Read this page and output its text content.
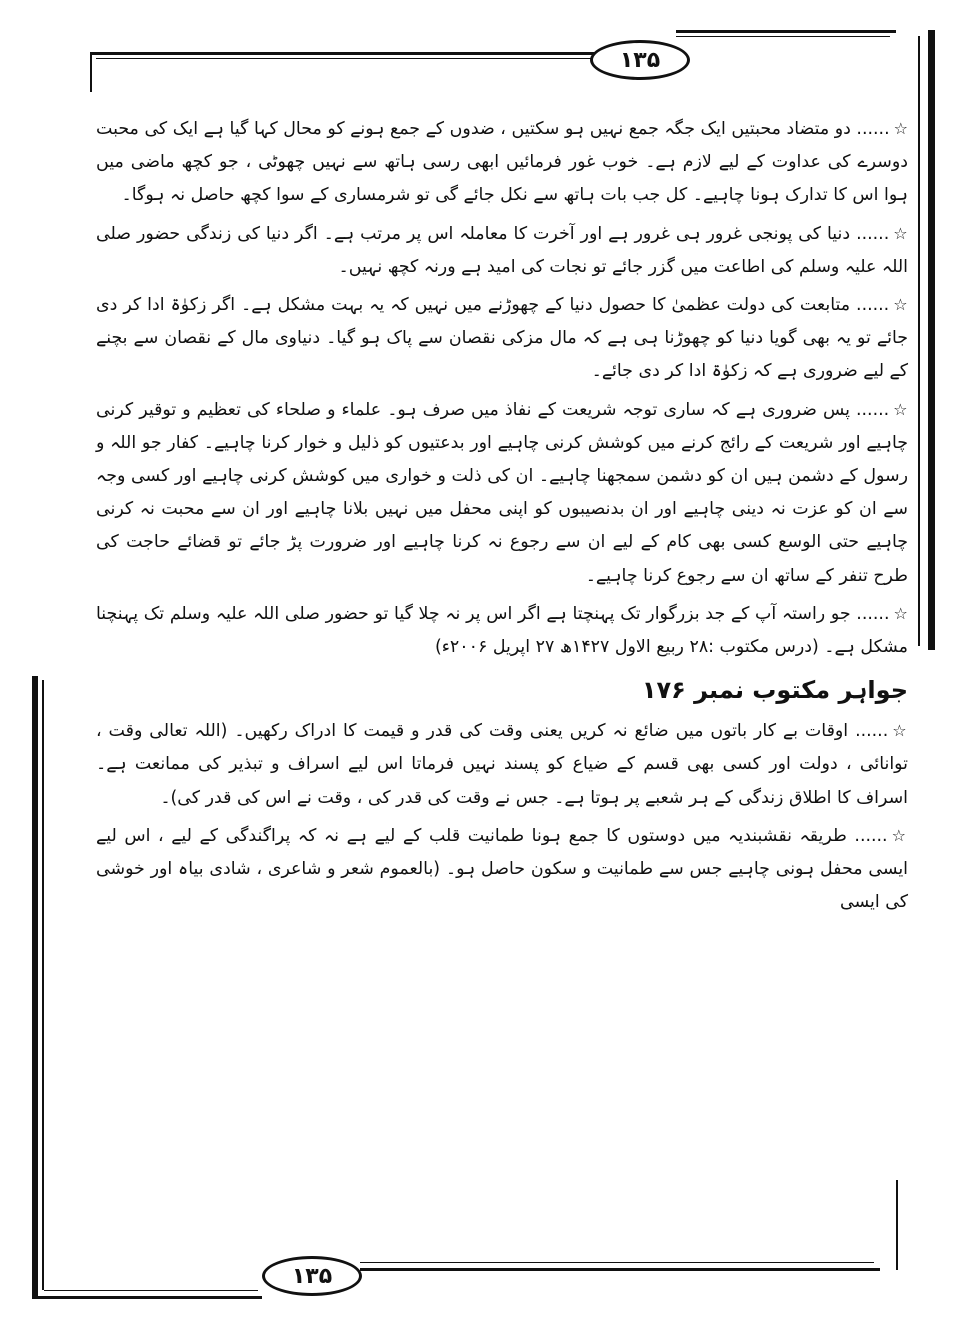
۱۳۵

☆...... دو متضاد محبتیں ایک جگہ جمع نہیں ہو سکتیں ، ضدوں کے جمع ہونے کو محال کہا گیا ہے ایک کی محبت دوسرے کی عداوت کے لیے لازم ہے۔ خوب غور فرمائیں ابھی رسی ہاتھ سے نہیں چھوٹی ، جو کچھ ماضی میں ہوا اس کا تدارک ہونا چاہیے۔ کل جب بات ہاتھ سے نکل جائے گی تو شرمساری کے سوا کچھ حاصل نہ ہوگا۔

☆...... دنیا کی پونجی غرور ہی غرور ہے اور آخرت کا معاملہ اس پر مرتب ہے۔ اگر دنیا کی زندگی حضور صلی اللہ علیہ وسلم کی اطاعت میں گزر جائے تو نجات کی امید ہے ورنہ کچھ نہیں۔

☆...... متابعت کی دولت عظمیٰ کا حصول دنیا کے چھوڑنے میں نہیں کہ یہ بہت مشکل ہے۔ اگر زکوٰۃ ادا کر دی جائے تو یہ بھی گویا دنیا کو چھوڑنا ہی ہے کہ مال مزکی نقصان سے پاک ہو گیا۔ دنیاوی مال کے نقصان سے بچنے کے لیے ضروری ہے کہ زکوٰۃ ادا کر دی جائے۔

☆...... پس ضروری ہے کہ ساری توجہ شریعت کے نفاذ میں صرف ہو۔ علماء و صلحاء کی تعظیم و توقیر کرنی چاہیے اور شریعت کے رائج کرنے میں کوشش کرنی چاہیے اور بدعتیوں کو ذلیل و خوار کرنا چاہیے۔ کفار جو اللہ و رسول کے دشمن ہیں ان کو دشمن سمجھنا چاہیے۔ ان کی ذلت و خواری میں کوشش کرنی چاہیے اور کسی وجہ سے ان کو عزت نہ دینی چاہیے اور ان بدنصیبوں کو اپنی محفل میں نہیں بلانا چاہیے اور ان سے محبت نہ کرنی چاہیے حتی الوسع کسی بھی کام کے لیے ان سے رجوع نہ کرنا چاہیے اور ضرورت پڑ جائے تو قضائے حاجت کی طرح تنفر کے ساتھ ان سے رجوع کرنا چاہیے۔

☆...... جو راستہ آپ کے جد بزرگوار تک پہنچتا ہے اگر اس پر نہ چلا گیا تو حضور صلی اللہ علیہ وسلم تک پہنچنا مشکل ہے۔ (درس مکتوب :۲۸ ربیع الاول ۱۴۲۷ھ ۲۷ اپریل ۲۰۰۶ء)

جواہر مکتوب نمبر ۱۷۶

☆...... اوقات بے کار باتوں میں ضائع نہ کریں یعنی وقت کی قدر و قیمت کا ادراک رکھیں۔ (اللہ تعالی وقت ، توانائی ، دولت اور کسی بھی قسم کے ضیاع کو پسند نہیں فرماتا اس لیے اسراف و تبذیر کی ممانعت ہے۔ اسراف کا اطلاق زندگی کے ہر شعبے پر ہوتا ہے۔ جس نے وقت کی قدر کی ، وقت نے اس کی قدر کی)۔

☆...... طریقہ نقشبندیہ میں دوستوں کا جمع ہونا طمانیت قلب کے لیے ہے نہ کہ پراگندگی کے لیے ، اس لیے ایسی محفل ہونی چاہیے جس سے طمانیت و سکون حاصل ہو۔ (بالعموم شعر و شاعری ، شادی بیاہ اور خوشی کی ایسی

۱۳۵
